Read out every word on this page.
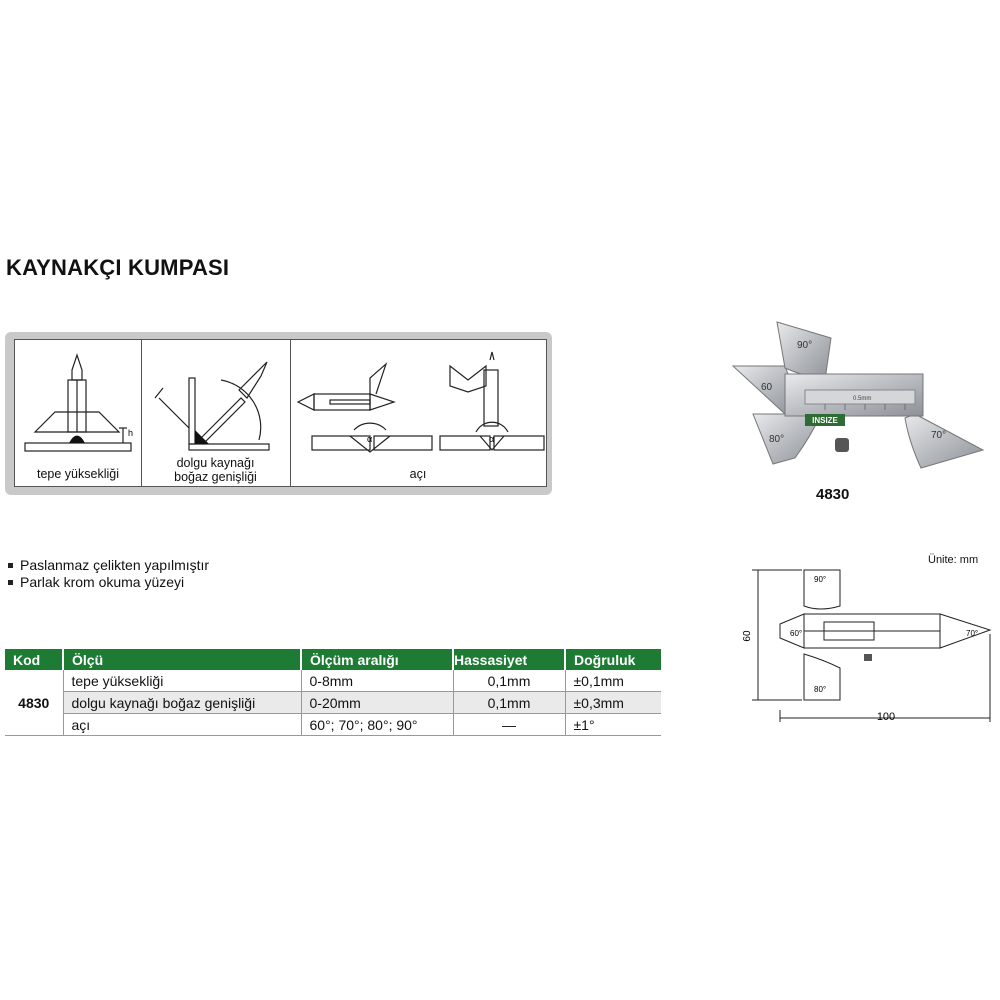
KAYNAKÇI KUMPASI
h
tepe yüksekliği
dolgu kaynağı
boğaz genişliği
α	α
açı
INSIZE
90°
60
80°	70°
0.5mm
4830
Paslanmaz çelikten yapılmıştır
Parlak krom okuma yüzeyi
Ünite: mm
90°
60°	70°
80°
60
100
Kod	Ölçü	Ölçüm aralığı	Hassasiyet	Doğruluk
4830	tepe yüksekliği	0-8mm	0,1mm	±0,1mm
	dolgu kaynağı boğaz genişliği	0-20mm	0,1mm	±0,3mm
	açı	60°; 70°; 80°; 90°	—	±1°
